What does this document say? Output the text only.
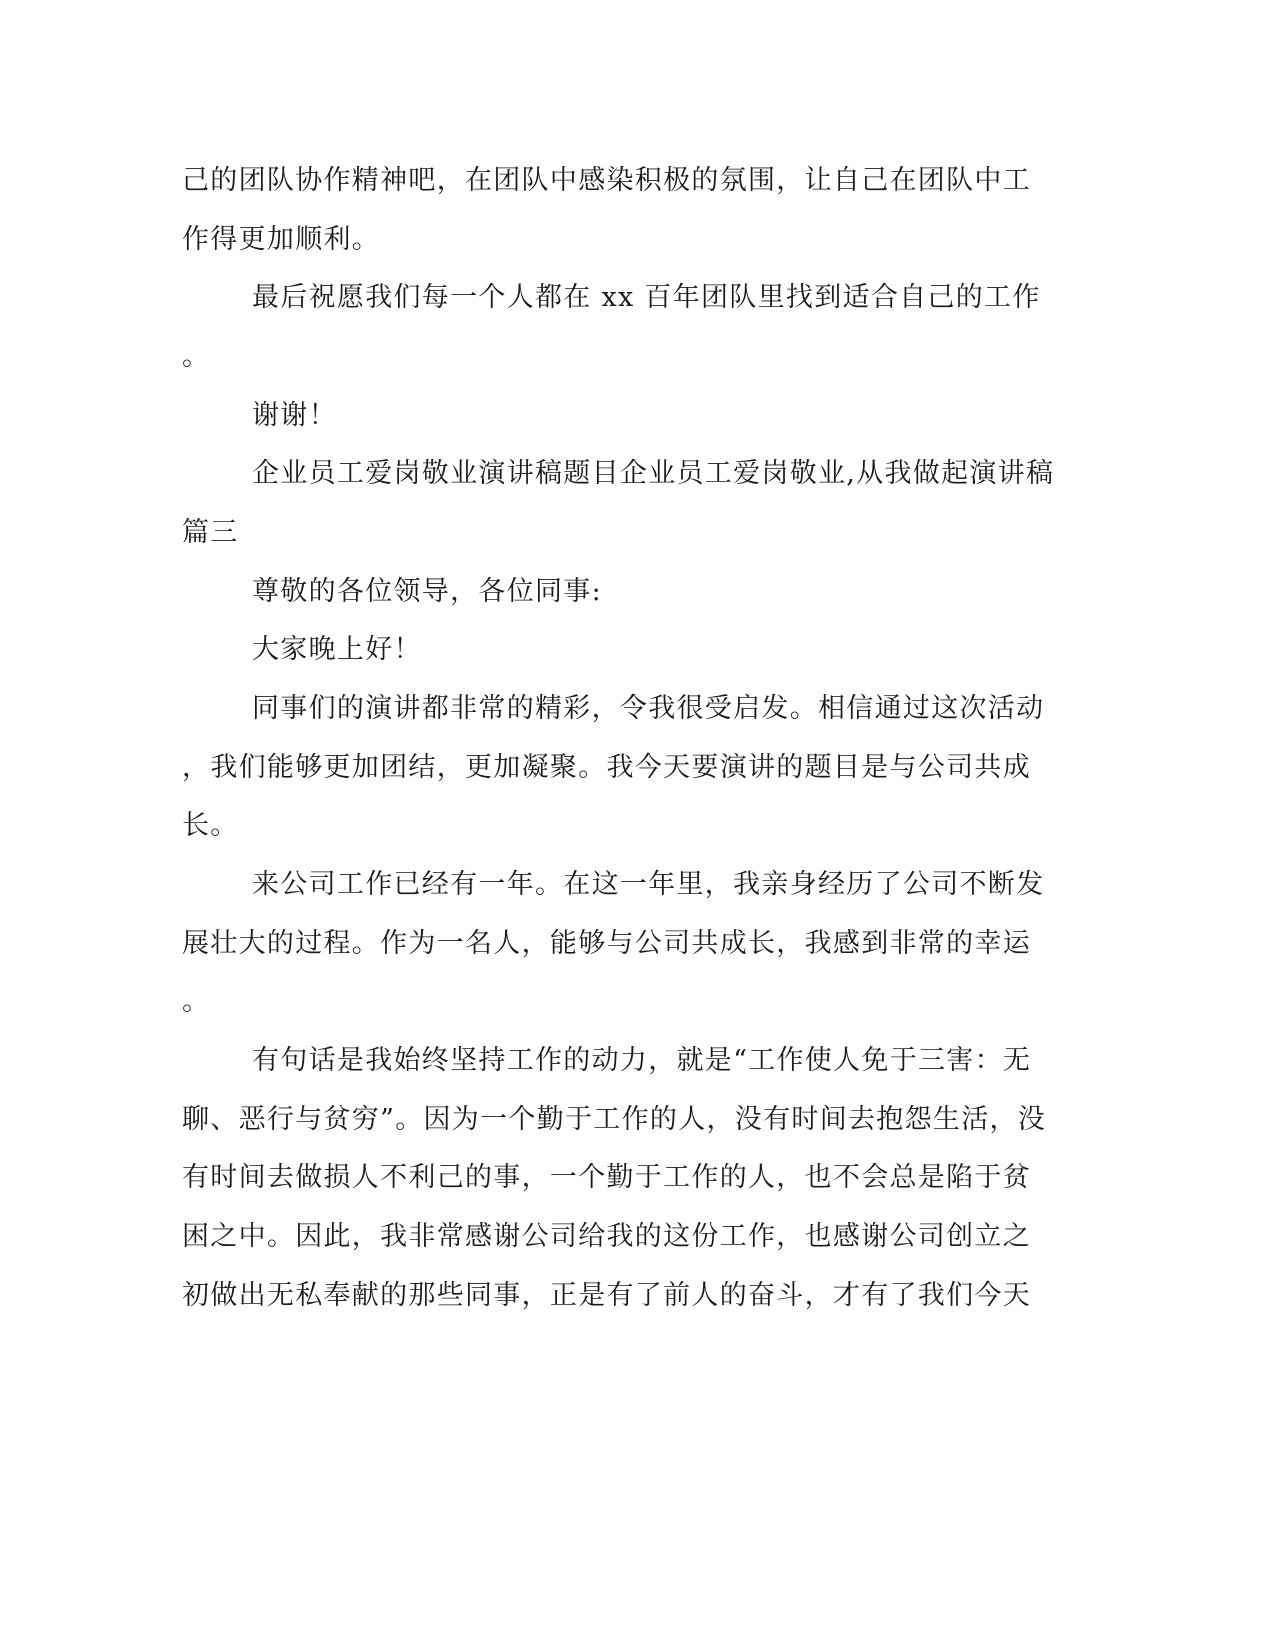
己的团队协作精神吧，在团队中感染积极的氛围，让自己在团队中工
作得更加顺利。
最后祝愿我们每一个人都在 xx 百年团队里找到适合自己的工作
。
谢谢！
企业员工爱岗敬业演讲稿题目企业员工爱岗敬业,从我做起演讲稿
篇三
尊敬的各位领导，各位同事:
大家晚上好！
同事们的演讲都非常的精彩，令我很受启发。相信通过这次活动
，我们能够更加团结，更加凝聚。我今天要演讲的题目是与公司共成
长。
来公司工作已经有一年。在这一年里，我亲身经历了公司不断发
展壮大的过程。作为一名人，能够与公司共成长，我感到非常的幸运
。
有句话是我始终坚持工作的动力，就是“工作使人免于三害：无
聊、恶行与贫穷”。因为一个勤于工作的人，没有时间去抱怨生活，没
有时间去做损人不利己的事，一个勤于工作的人，也不会总是陷于贫
困之中。因此，我非常感谢公司给我的这份工作，也感谢公司创立之
初做出无私奉献的那些同事，正是有了前人的奋斗，才有了我们今天
